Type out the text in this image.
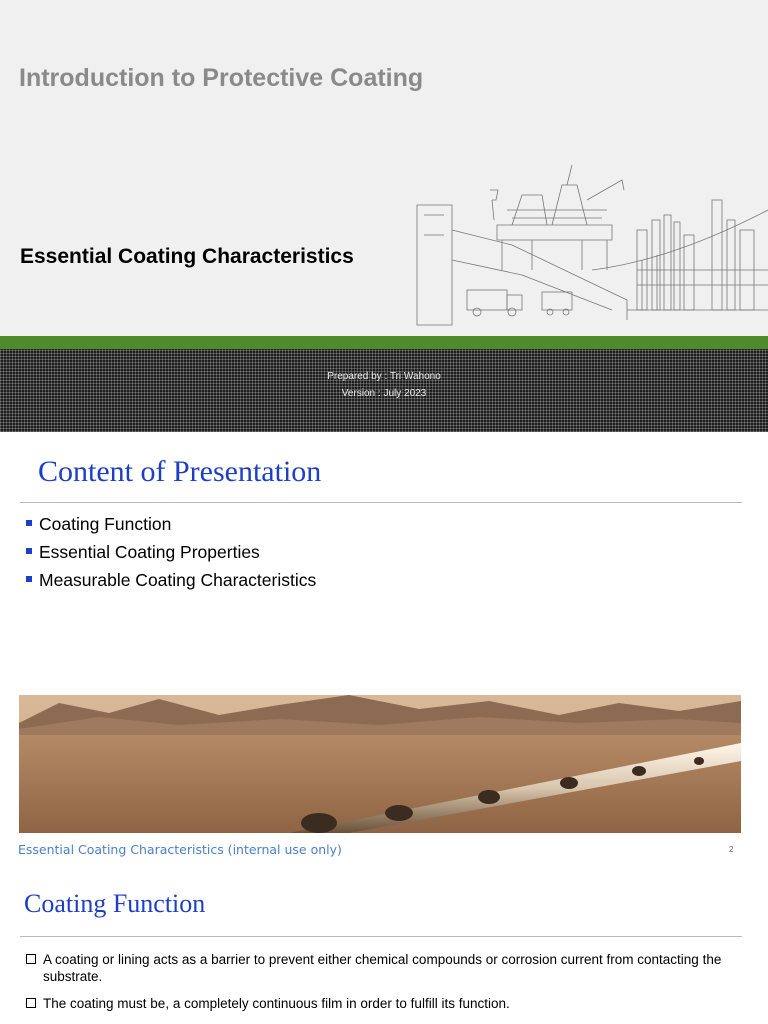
Introduction to Protective Coating
Essential Coating Characteristics
Prepared by : Tri Wahono
Version : July 2023
Content of Presentation
Coating Function
Essential Coating Properties
Measurable Coating Characteristics
Essential Coating Characteristics (internal use only)	2
Coating Function
A coating or lining acts as a barrier to prevent either chemical compounds or corrosion current from contacting the substrate.
The coating must be, a completely continuous film in order to fulfill its function.
